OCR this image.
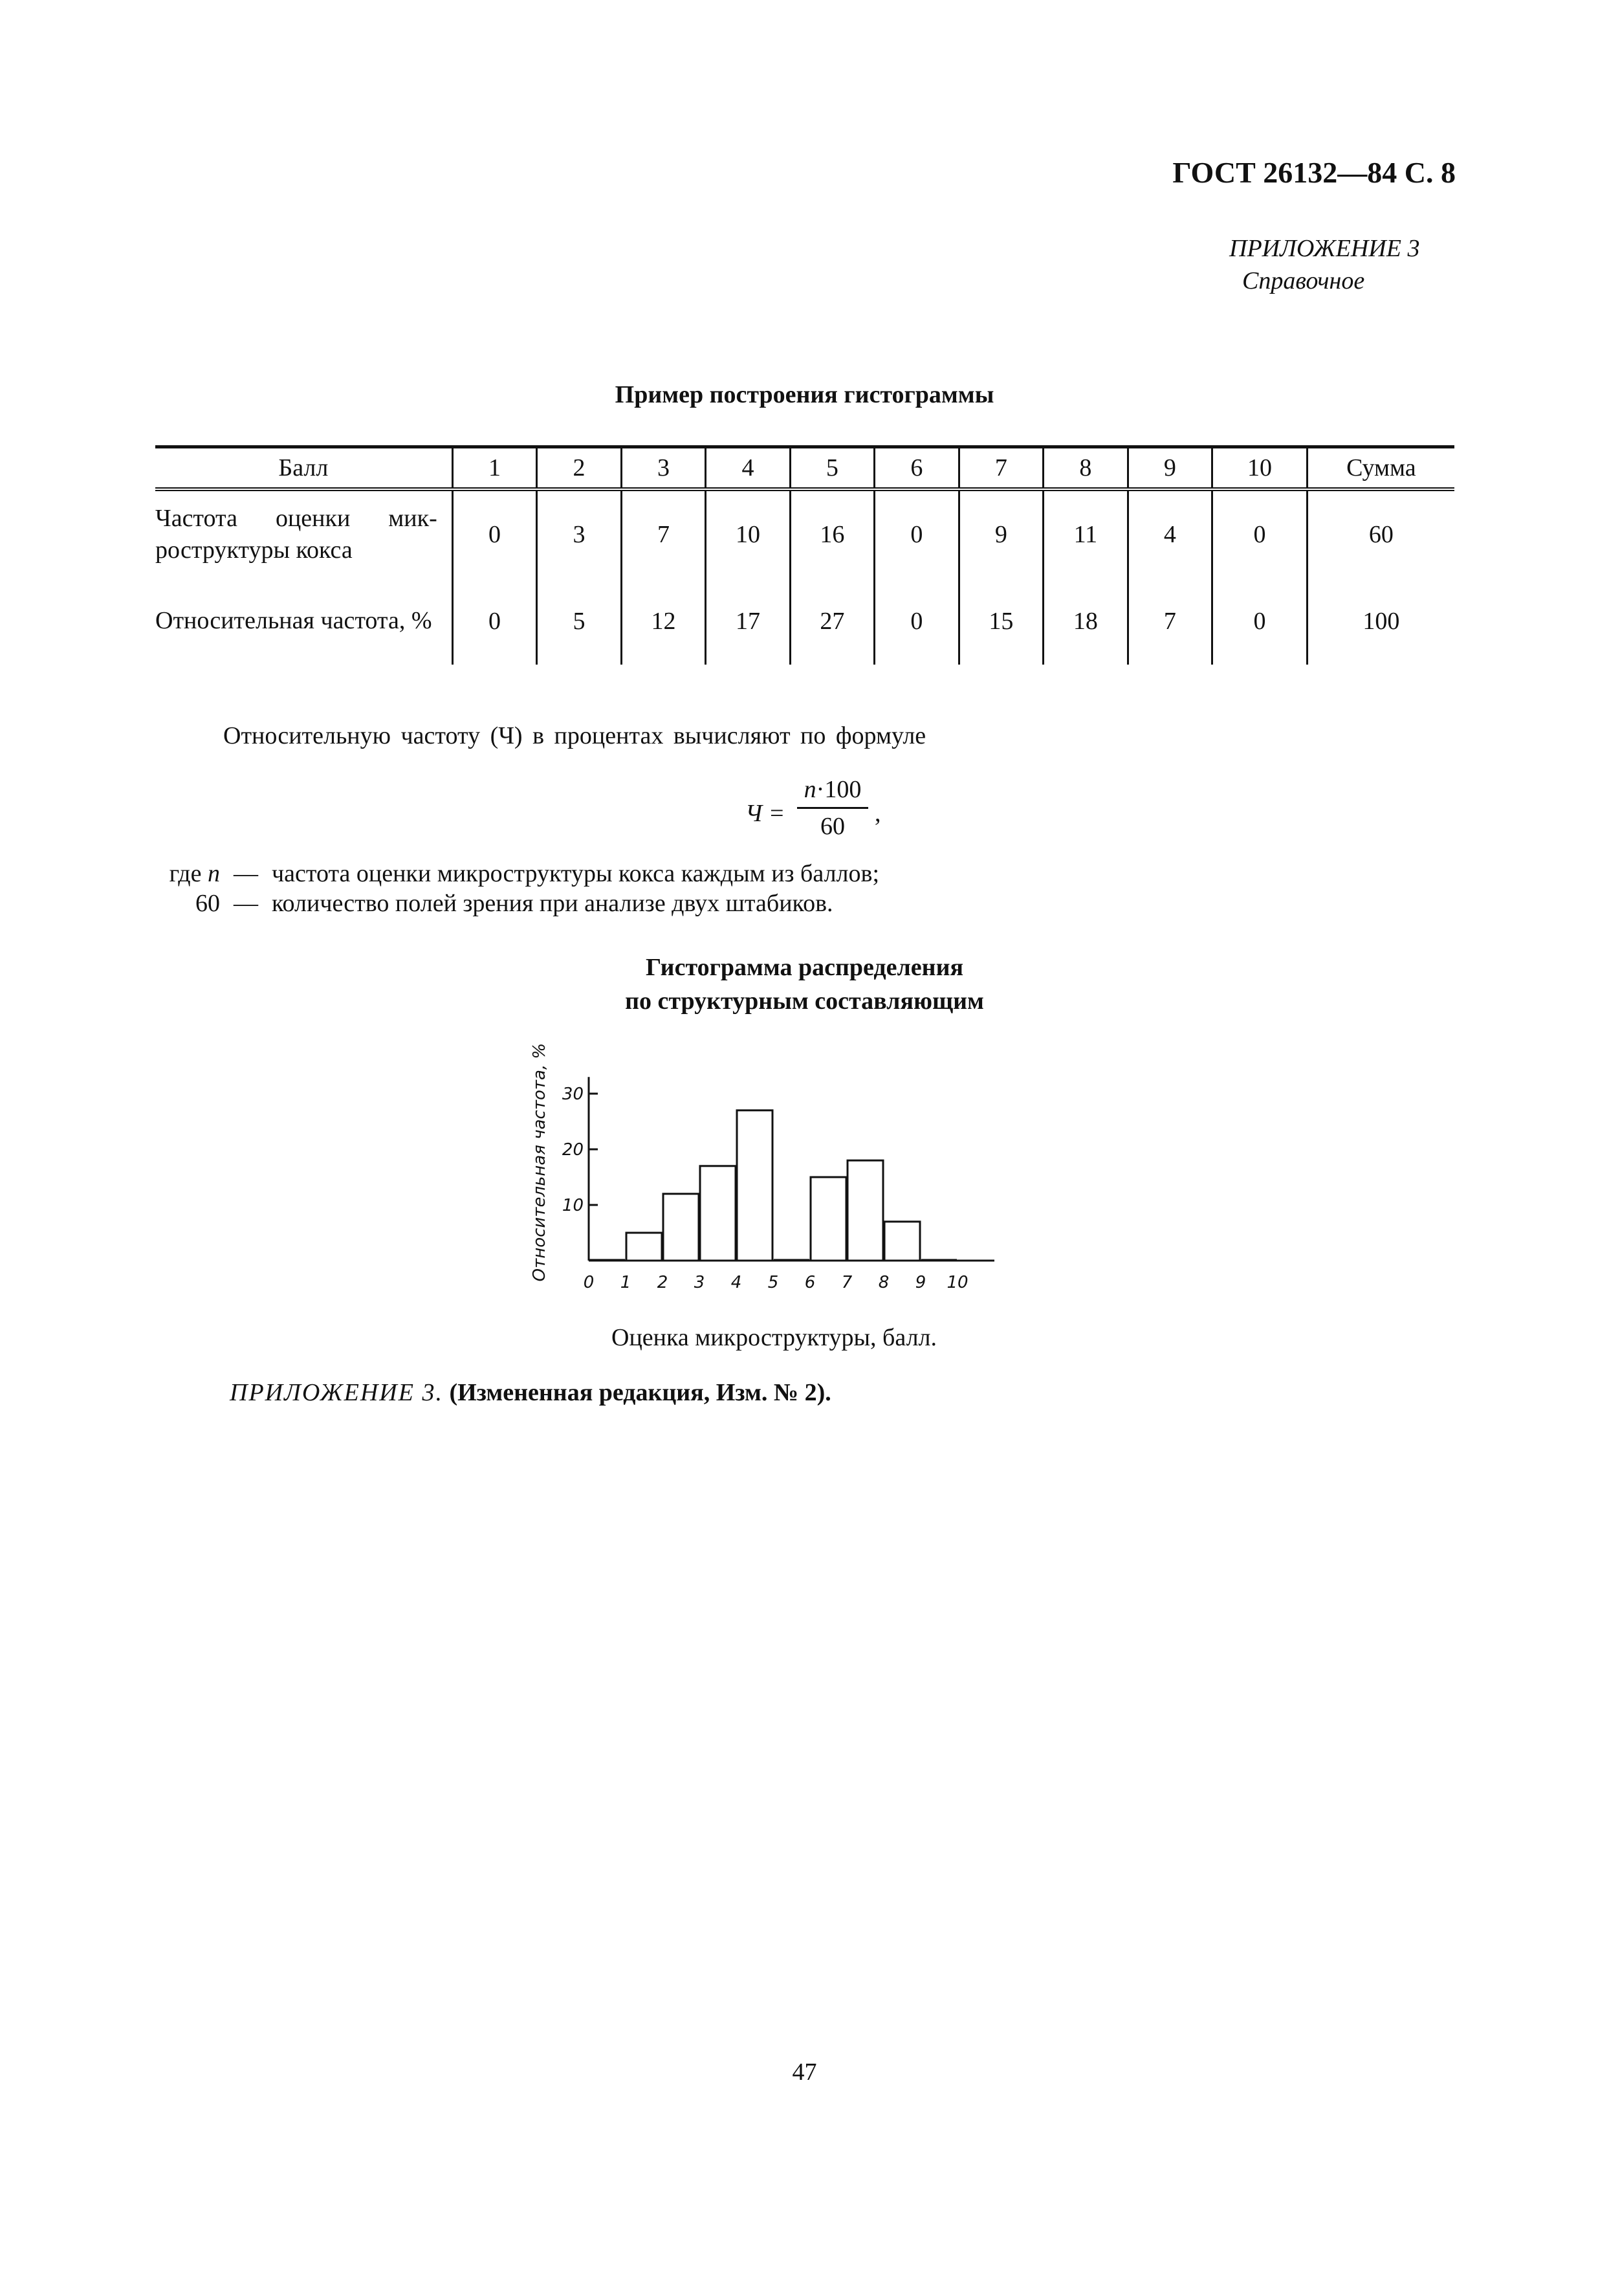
ГОСТ 26132—84 С. 8
ПРИЛОЖЕНИЕ 3
Справочное
Пример построения гистограммы
Балл	1	2	3	4	5	6	7	8	9	10	Сумма
Частота оценки микроструктуры кокса	0	3	7	10	16	0	9	11	4	0	60
Относительная частота, %	0	5	12	17	27	0	15	18	7	0	100
Относительную частоту (Ч) в процентах вычисляют по формуле
Ч =
n·100
60	,
где n — частота оценки микроструктуры кокса каждым из баллов;
60 — количество полей зрения при анализе двух штабиков.
Гистограмма распределения
по структурным составляющим
Относительная частота, % 10
20
30
0 1 2 3 4 5 6 7 8 9 10
Оценка микроструктуры, балл.
ПРИЛОЖЕНИЕ 3. (Измененная редакция, Изм. № 2).
47
